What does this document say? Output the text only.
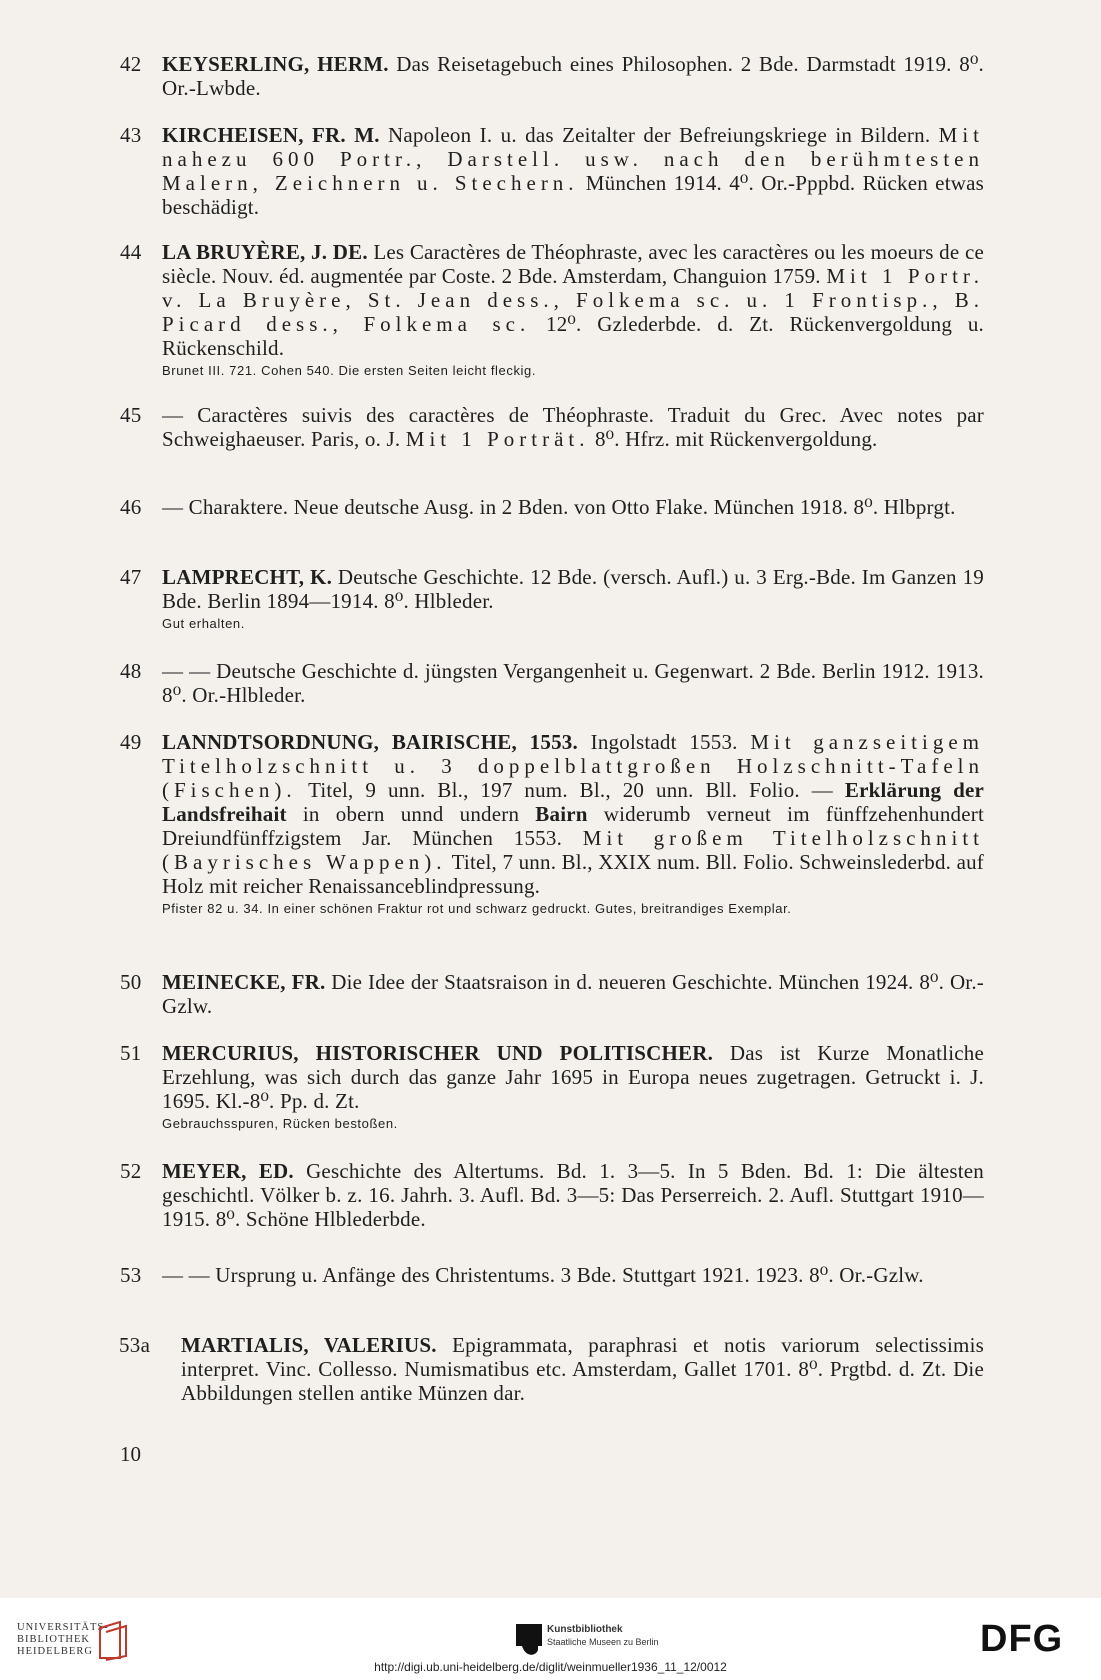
42 KEYSERLING, HERM. Das Reisetagebuch eines Philosophen. 2 Bde. Darmstadt 1919. 8⁰. Or.-Lwbde.
43 KIRCHEISEN, FR. M. Napoleon I. u. das Zeitalter der Befreiungskriege in Bildern. Mit nahezu 600 Portr., Darstell. usw. nach den berühmtesten Malern, Zeichnern u. Stechern. München 1914. 4⁰. Or.-Pppbd. Rücken etwas beschädigt.
44 LA BRUYÈRE, J. DE. Les Caractères de Théophraste, avec les caractères ou les moeurs de ce siècle. Nouv. éd. augmentée par Coste. 2 Bde. Amsterdam, Changuion 1759. Mit 1 Portr. v. La Bruyère, St. Jean dess., Folkema sc. u. 1 Frontisp., B. Picard dess., Folkema sc. 12⁰. Gzlederbde. d. Zt. Rückenvergoldung u. Rückenschild.
Brunet III. 721. Cohen 540. Die ersten Seiten leicht fleckig.
45 — Caractères suivis des caractères de Théophraste. Traduit du Grec. Avec notes par Schweighaeuser. Paris, o. J. Mit 1 Porträt. 8⁰. Hfrz. mit Rückenvergoldung.
46 — Charaktere. Neue deutsche Ausg. in 2 Bden. von Otto Flake. München 1918. 8⁰. Hlbprgt.
47 LAMPRECHT, K. Deutsche Geschichte. 12 Bde. (versch. Aufl.) u. 3 Erg.-Bde. Im Ganzen 19 Bde. Berlin 1894—1914. 8⁰. Hlbleder.
Gut erhalten.
48 — — Deutsche Geschichte d. jüngsten Vergangenheit u. Gegenwart. 2 Bde. Berlin 1912. 1913. 8⁰. Or.-Hlbleder.
49 LANNDTSORDNUNG, BAIRISCHE, 1553. Ingolstadt 1553. Mit ganzseitigem Titelholzschnitt u. 3 doppelblattgroßen Holzschnitt-Tafeln (Fischen). Titel, 9 unn. Bl., 197 num. Bl., 20 unn. Bll. Folio. — Erklärung der Landsfreihait in obern unnd undern Bairn widerumb verneut im fünffzehenhundert Dreiundfünffzigstem Jar. München 1553. Mit großem Titelholzschnitt (Bayrisches Wappen). Titel, 7 unn. Bl., XXIX num. Bll. Folio. Schweinslederbd. auf Holz mit reicher Renaissanceblindpressung.
Pfister 82 u. 34. In einer schönen Fraktur rot und schwarz gedruckt. Gutes, breitrandiges Exemplar.
50 MEINECKE, FR. Die Idee der Staatsraison in d. neueren Geschichte. München 1924. 8⁰. Or.-Gzlw.
51 MERCURIUS, HISTORISCHER UND POLITISCHER. Das ist Kurze Monatliche Erzehlung, was sich durch das ganze Jahr 1695 in Europa neues zugetragen. Getruckt i. J. 1695. Kl.-8⁰. Pp. d. Zt.
Gebrauchsspuren, Rücken bestoßen.
52 MEYER, ED. Geschichte des Altertums. Bd. 1. 3—5. In 5 Bden. Bd. 1: Die ältesten geschichtl. Völker b. z. 16. Jahrh. 3. Aufl. Bd. 3—5: Das Perserreich. 2. Aufl. Stuttgart 1910—1915. 8⁰. Schöne Hlblederbde.
53 — — Ursprung u. Anfänge des Christentums. 3 Bde. Stuttgart 1921. 1923. 8⁰. Or.-Gzlw.
53a MARTIALIS, VALERIUS. Epigrammata, paraphrasi et notis variorum selectissimis interpret. Vinc. Collesso. Numismatibus etc. Amsterdam, Gallet 1701. 8⁰. Prgtbd. d. Zt. Die Abbildungen stellen antike Münzen dar.
10
UNIVERSITÄTS-
BIBLIOTHEK
HEIDELBERG
Kunstbibliothek
Staatliche Museen zu Berlin	DFG
http://digi.ub.uni-heidelberg.de/diglit/weinmueller1936_11_12/0012
